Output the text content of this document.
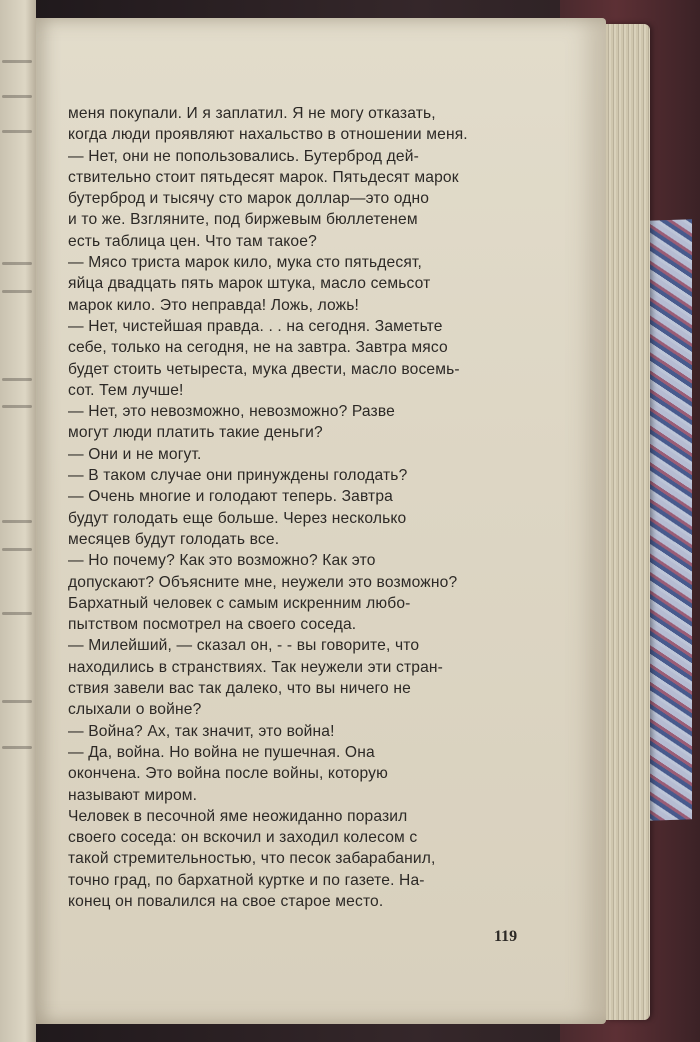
меня покупали. И я заплатил. Я не могу отказать,
когда люди проявляют нахальство в отношении меня.
— Нет, они не попользовались. Бутерброд дей-
ствительно стоит пятьдесят марок. Пятьдесят марок
бутерброд и тысячу сто марок доллар—это одно
и то же. Взгляните, под биржевым бюллетенем
есть таблица цен. Что там такое?
— Мясо триста марок кило, мука сто пятьдесят,
яйца двадцать пять марок штука, масло семьсот
марок кило. Это неправда! Ложь, ложь!
— Нет, чистейшая правда. . . на сегодня. Заметьте
себе, только на сегодня, не на завтра. Завтра мясо
будет стоить четыреста, мука двести, масло восемь-
сот. Тем лучше!
— Нет, это невозможно, невозможно? Разве
могут люди платить такие деньги?
— Они и не могут.
— В таком случае они принуждены голодать?
— Очень многие и голодают теперь. Завтра
будут голодать еще больше. Через несколько
месяцев будут голодать все.
— Но почему? Как это возможно? Как это
допускают? Объясните мне, неужели это возможно?
Бархатный человек с самым искренним любо-
пытством посмотрел на своего соседа.
— Милейший, — сказал он, - - вы говорите, что
находились в странствиях. Так неужели эти стран-
ствия завели вас так далеко, что вы ничего не
слыхали о войне?
— Война? Ах, так значит, это война!
— Да, война. Но война не пушечная. Она
окончена. Это война после войны, которую
называют миром.
Человек в песочной яме неожиданно поразил
своего соседа: он вскочил и заходил колесом с
такой стремительностью, что песок забарабанил,
точно град, по бархатной куртке и по газете. На-
конец он повалился на свое старое место.
119
